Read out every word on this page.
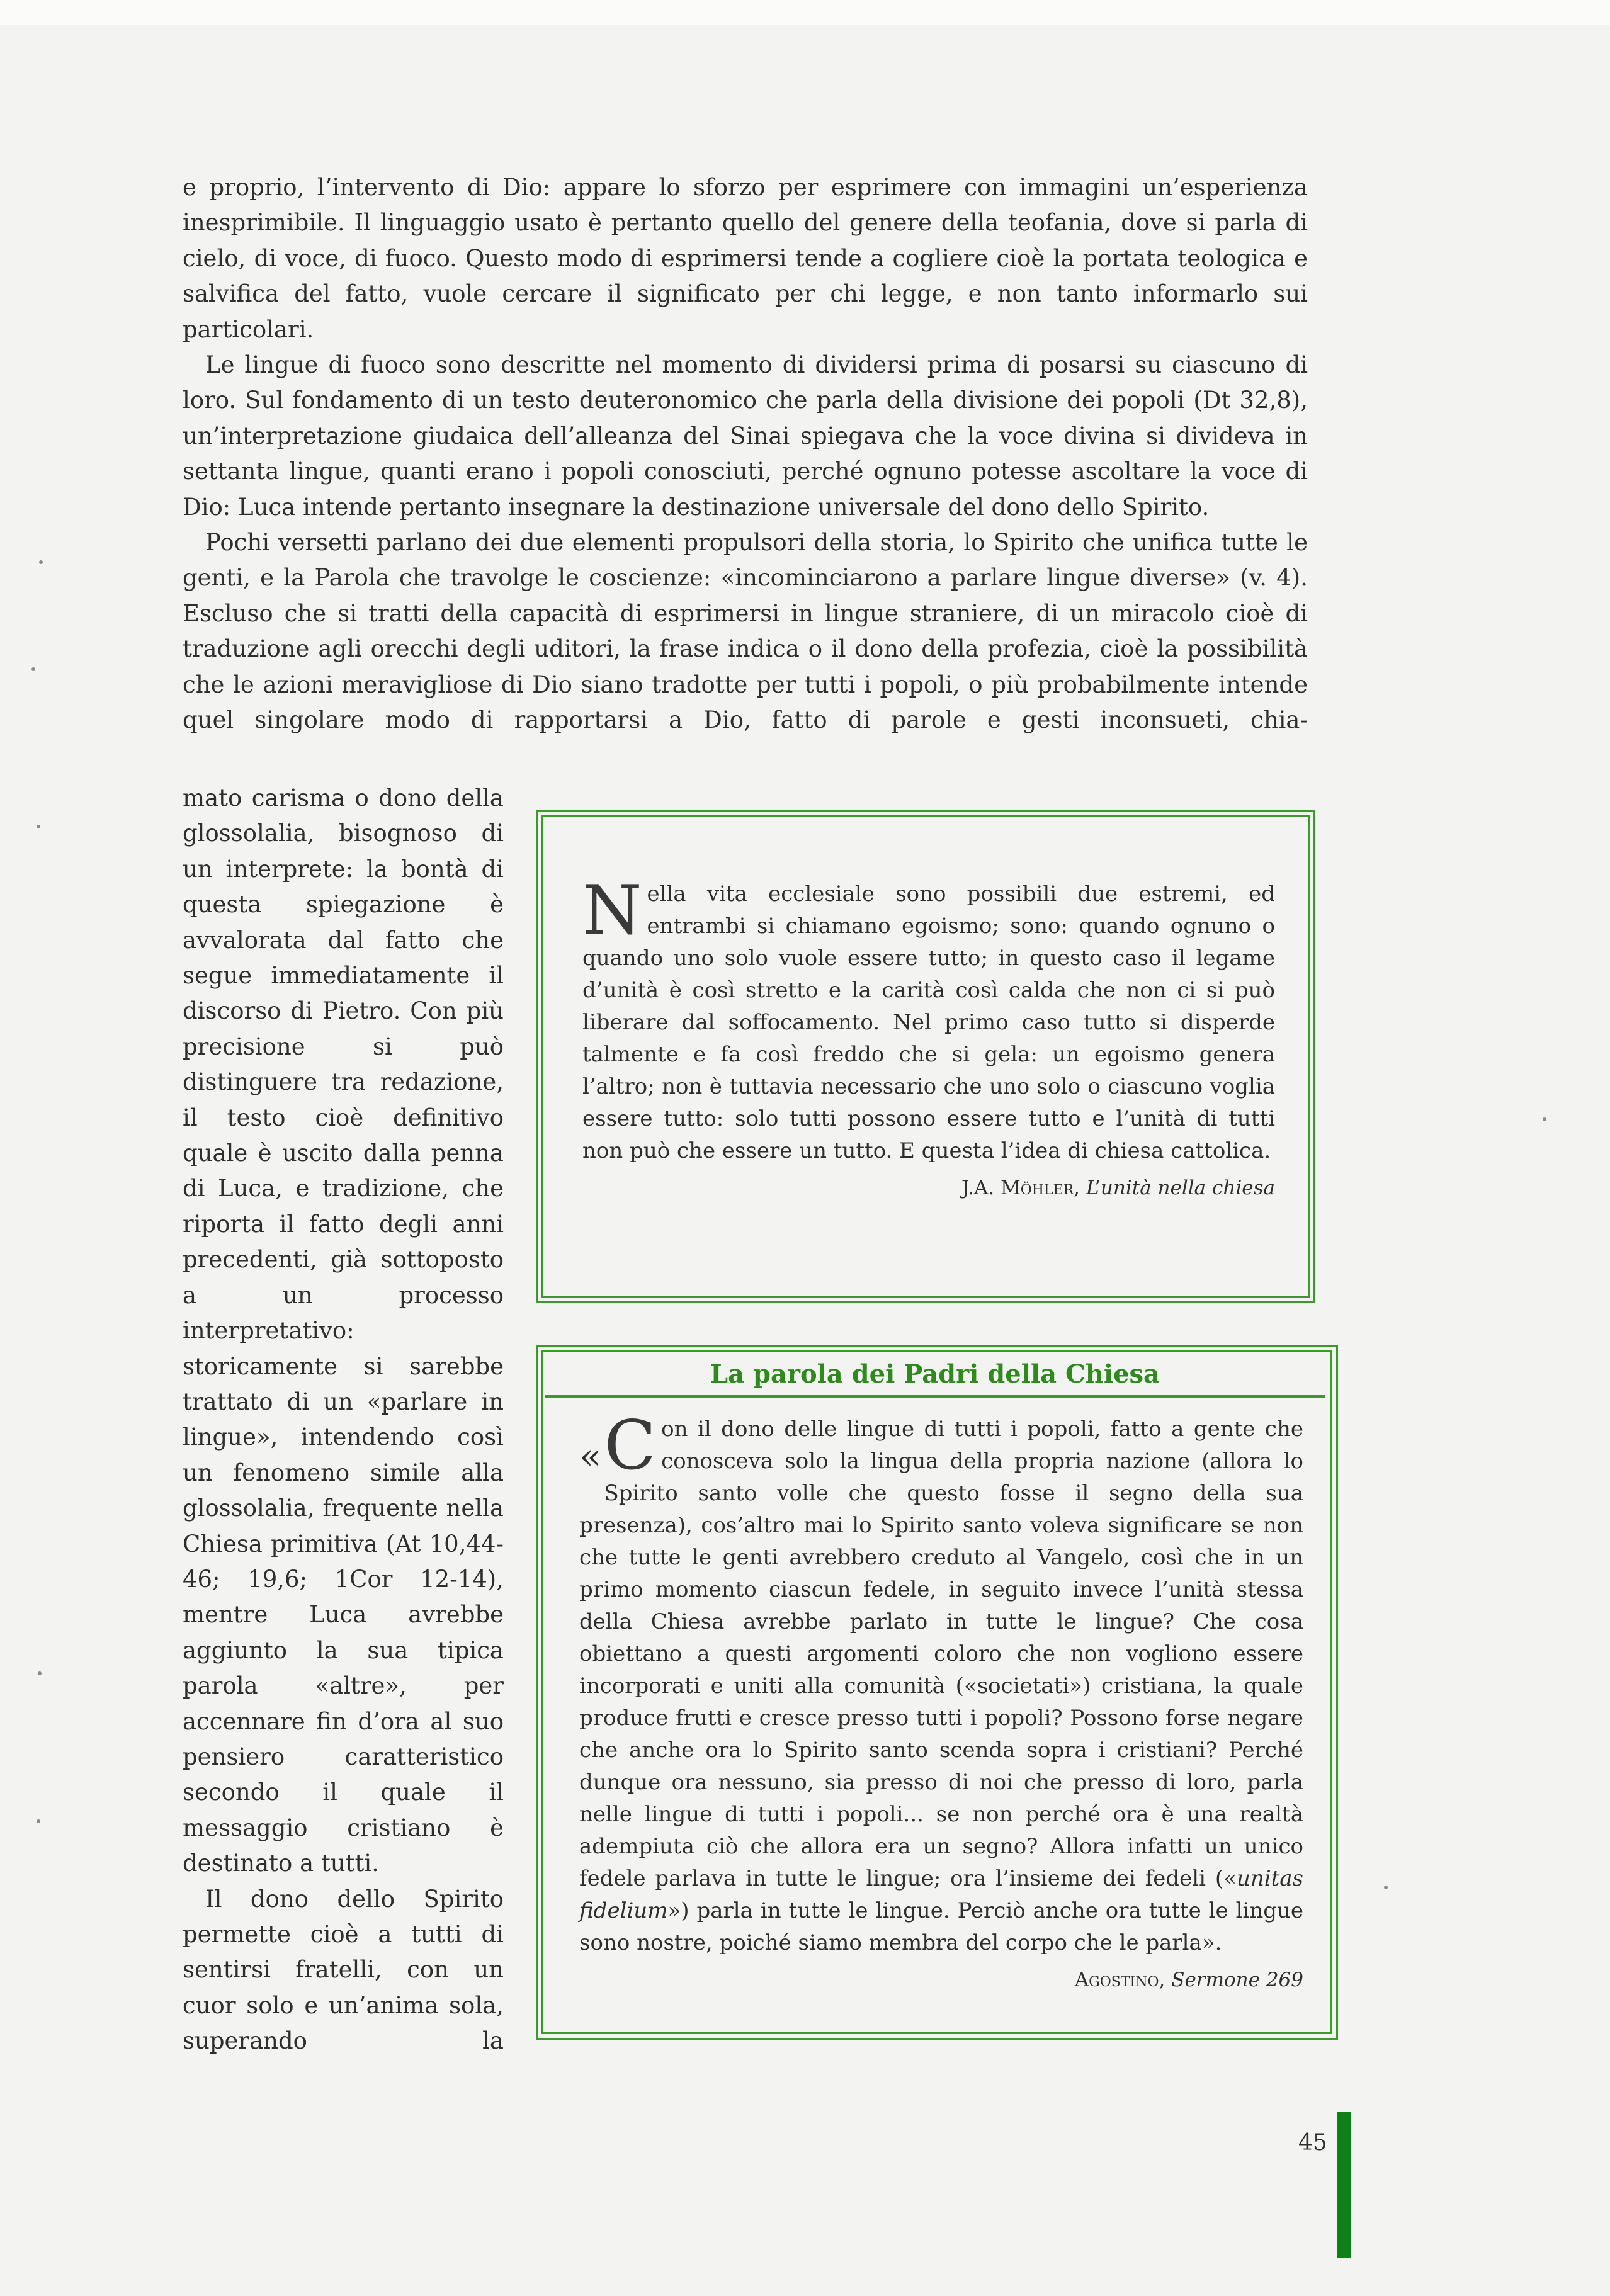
e proprio, l’intervento di Dio: appare lo sforzo per esprimere con immagini un’esperienza inesprimibile. Il linguaggio usato è pertanto quello del genere della teofania, dove si parla di cielo, di voce, di fuoco. Questo modo di esprimersi tende a cogliere cioè la portata teologica e salvifica del fatto, vuole cercare il significato per chi legge, e non tanto informarlo sui particolari.

Le lingue di fuoco sono descritte nel momento di dividersi prima di posarsi su ciascuno di loro. Sul fondamento di un testo deuteronomico che parla della divisione dei popoli (Dt 32,8), un’interpretazione giudaica dell’alleanza del Sinai spiegava che la voce divina si divideva in settanta lingue, quanti erano i popoli conosciuti, perché ognuno potesse ascoltare la voce di Dio: Luca intende pertanto insegnare la destinazione universale del dono dello Spirito.

Pochi versetti parlano dei due elementi propulsori della storia, lo Spirito che unifica tutte le genti, e la Parola che travolge le coscienze: «incominciarono a parlare lingue diverse» (v. 4). Escluso che si tratti della capacità di esprimersi in lingue straniere, di un miracolo cioè di traduzione agli orecchi degli uditori, la frase indica o il dono della profezia, cioè la possibilità che le azioni meravigliose di Dio siano tradotte per tutti i popoli, o più probabilmente intende quel singolare modo di rapportarsi a Dio, fatto di parole e gesti inconsueti, chia-

mato carisma o dono della glossolalia, bisognoso di un interprete: la bontà di questa spiegazione è avvalorata dal fatto che segue immediatamente il discorso di Pietro. Con più precisione si può distinguere tra redazione, il testo cioè definitivo quale è uscito dalla penna di Luca, e tradizione, che riporta il fatto degli anni precedenti, già sottoposto a un processo interpretativo: storicamente si sarebbe trattato di un «parlare in lingue», intendendo così un fenomeno simile alla glossolalia, frequente nella Chiesa primitiva (At 10,44-46; 19,6; 1Cor 12-14), mentre Luca avrebbe aggiunto la sua tipica parola «altre», per accennare fin d’ora al suo pensiero caratteristico secondo il quale il messaggio cristiano è destinato a tutti.

Il dono dello Spirito permette cioè a tutti di sentirsi fratelli, con un cuor solo e un’anima sola, superando la

Nella vita ecclesiale sono possibili due estremi, ed entrambi si chiamano egoismo; sono: quando ognuno o quando uno solo vuole essere tutto; in questo caso il legame d’unità è così stretto e la carità così calda che non ci si può liberare dal soffocamento. Nel primo caso tutto si disperde talmente e fa così freddo che si gela: un egoismo genera l’altro; non è tuttavia necessario che uno solo o ciascuno voglia essere tutto: solo tutti possono essere tutto e l’unità di tutti non può che essere un tutto. E questa l’idea di chiesa cattolica.

J.A. Möhler, L’unità nella chiesa

La parola dei Padri della Chiesa

« C on il dono delle lingue di tutti i popoli, fatto a gente che conosceva solo la lingua della propria nazione (allora lo Spirito santo volle che questo fosse il segno della sua presenza), cos’altro mai lo Spirito santo voleva significare se non che tutte le genti avrebbero creduto al Vangelo, così che in un primo momento ciascun fedele, in seguito invece l’unità stessa della Chiesa avrebbe parlato in tutte le lingue? Che cosa obiettano a questi argomenti coloro che non vogliono essere incorporati e uniti alla comunità («societati») cristiana, la quale produce frutti e cresce presso tutti i popoli? Possono forse negare che anche ora lo Spirito santo scenda sopra i cristiani? Perché dunque ora nessuno, sia presso di noi che presso di loro, parla nelle lingue di tutti i popoli... se non perché ora è una realtà adempiuta ciò che allora era un segno? Allora infatti un unico fedele parlava in tutte le lingue; ora l’insieme dei fedeli («unitas fidelium») parla in tutte le lingue. Perciò anche ora tutte le lingue sono nostre, poiché siamo membra del corpo che le parla».

Agostino, Sermone 269

45
